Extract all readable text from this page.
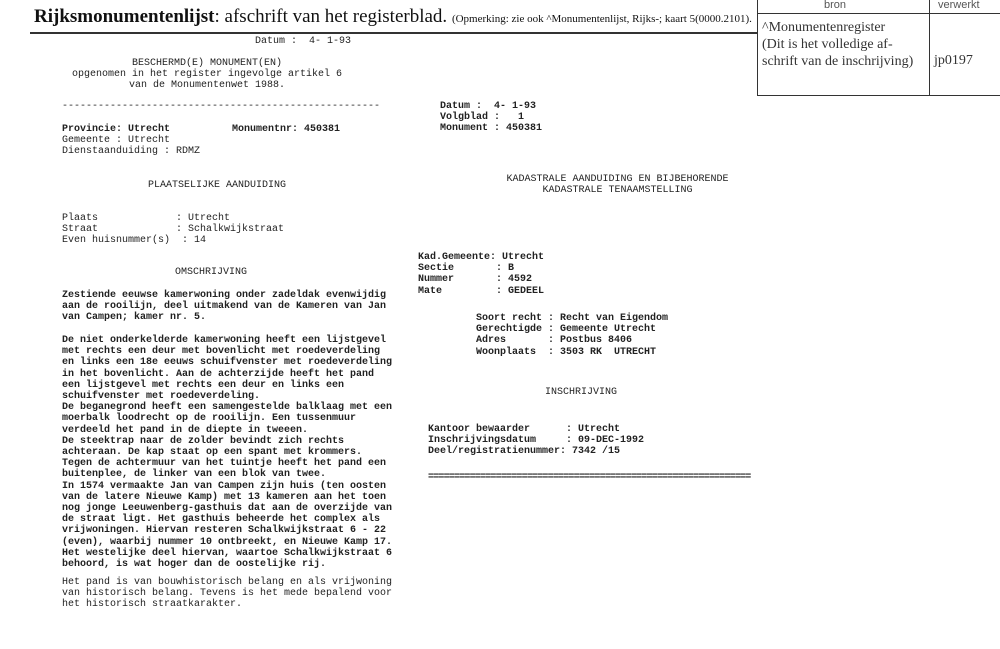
Rijksmonumentenlijst: afschrift van het registerblad. (Opmerking: zie ook ^Monumentenlijst, Rijks-; kaart 5(0000.2101).
bron	verwerkt
^Monumentenregister
(Dit is het volledige af-
schrift van de inschrijving) jp0197
Datum :  4- 1-93
BESCHERMD(E) MONUMENT(EN)
opgenomen in het register ingevolge artikel 6
van de Monumentenwet 1988.
-----------------------------------------------------
Provincie: Utrecht	Monumentnr: 450381
Gemeente : Utrecht
Dienstaanduiding : RDMZ
PLAATSELIJKE AANDUIDING
Plaats             : Utrecht
Straat             : Schalkwijkstraat
Even huisnummer(s)  : 14
OMSCHRIJVING
Zestiende eeuwse kamerwoning onder zadeldak evenwijdig
aan de rooilijn, deel uitmakend van de Kameren van Jan
van Campen; kamer nr. 5.
De niet onderkelderde kamerwoning heeft een lijstgevel
met rechts een deur met bovenlicht met roedeverdeling
en links een 18e eeuws schuifvenster met roedeverdeling
in het bovenlicht. Aan de achterzijde heeft het pand
een lijstgevel met rechts een deur en links een
schuifvenster met roedeverdeling.
De beganegrond heeft een samengestelde balklaag met een
moerbalk loodrecht op de rooilijn. Een tussenmuur
verdeeld het pand in de diepte in tweeen.
De steektrap naar de zolder bevindt zich rechts
achteraan. De kap staat op een spant met krommers.
Tegen de achtermuur van het tuintje heeft het pand een
buitenplee, de linker van een blok van twee.
In 1574 vermaakte Jan van Campen zijn huis (ten oosten
van de latere Nieuwe Kamp) met 13 kameren aan het toen
nog jonge Leeuwenberg-gasthuis dat aan de overzijde van
de straat ligt. Het gasthuis beheerde het complex als
vrijwoningen. Hiervan resteren Schalkwijkstraat 6 - 22
(even), waarbij nummer 10 ontbreekt, en Nieuwe Kamp 17.
Het westelijke deel hiervan, waartoe Schalkwijkstraat 6
behoord, is wat hoger dan de oostelijke rij.
Het pand is van bouwhistorisch belang en als vrijwoning
van historisch belang. Tevens is het mede bepalend voor
het historisch straatkarakter.
Datum :  4- 1-93
Volgblad :   1
Monument : 450381
KADASTRALE AANDUIDING EN BIJBEHORENDE
KADASTRALE TENAAMSTELLING
Kad.Gemeente: Utrecht
Sectie       : B
Nummer       : 4592
Mate         : GEDEEL
Soort recht : Recht van Eigendom
Gerechtigde : Gemeente Utrecht
Adres       : Postbus 8406
Woonplaats  : 3503 RK  UTRECHT
INSCHRIJVING
Kantoor bewaarder      : Utrecht
Inschrijvingsdatum     : 09-DEC-1992
Deel/registratienummer: 7342 /15
==============================================================
